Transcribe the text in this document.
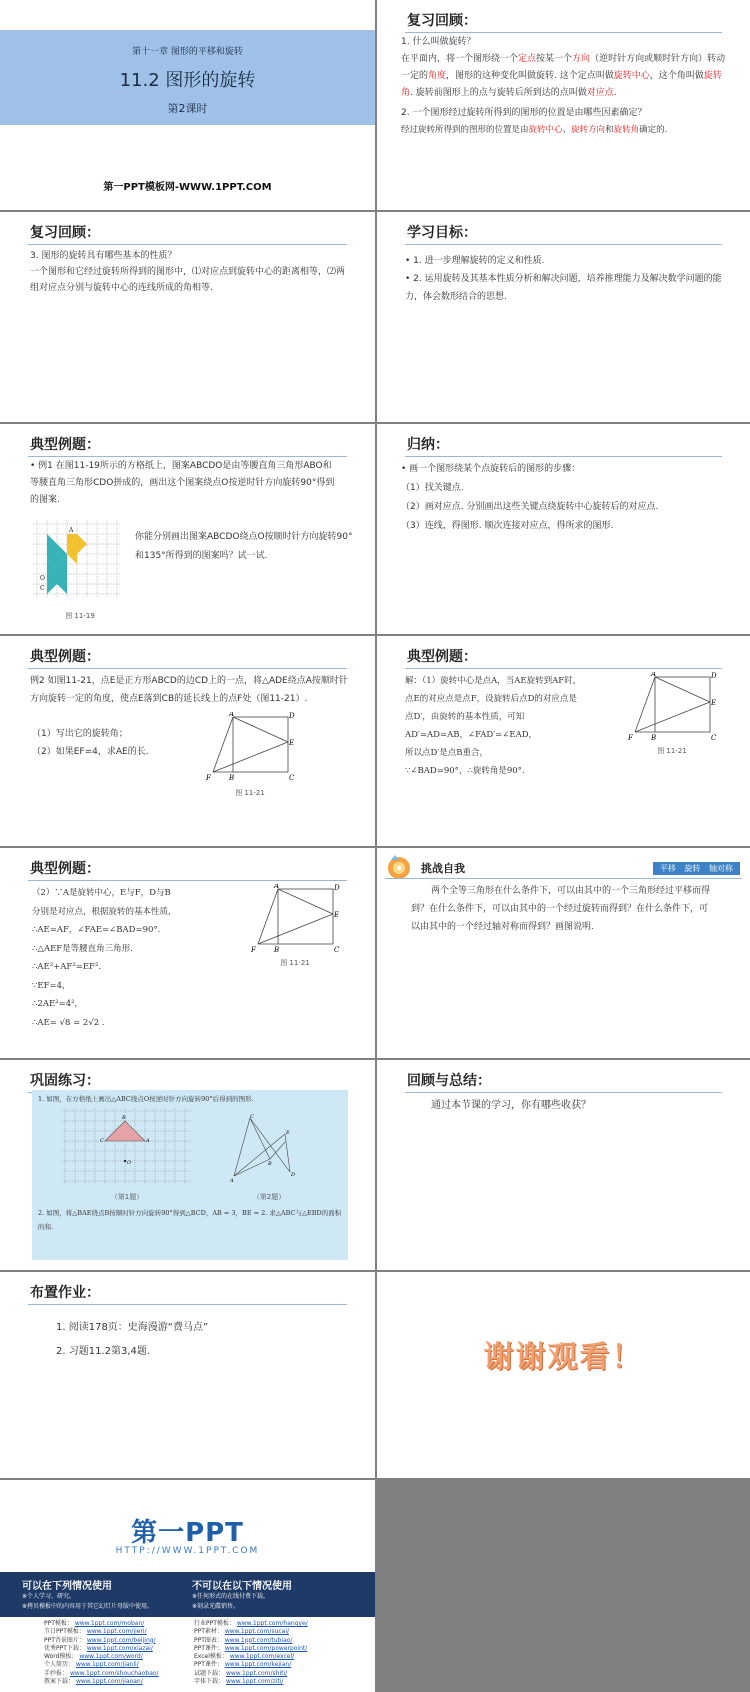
第十一章 图形的平移和旋转
11.2 图形的旋转
第2课时
第一PPT模板网-WWW.1PPT.COM
复习回顾：
1. 什么叫做旋转？
在平面内，将一个图形绕一个定点按某一个方向（逆时针方向或顺时针方向）转动一定的角度，图形的这种变化叫做旋转. 这个定点叫做旋转中心，这个角叫做旋转角. 旋转前图形上的点与旋转后所到达的点叫做对应点.
2. 一个图形经过旋转所得到的图形的位置是由哪些因素确定？
经过旋转所得到的图形的位置是由旋转中心、旋转方向和旋转角确定的.
复习回顾：
3. 图形的旋转具有哪些基本的性质？
一个图形和它经过旋转所得到的图形中，⑴对应点到旋转中心的距离相等，⑵两组对应点分别与旋转中心的连线所成的角相等.
学习目标：
• 1. 进一步理解旋转的定义和性质.
• 2. 运用旋转及其基本性质分析和解决问题，培养推理能力及解决数学问题的能力，体会数形结合的思想.
典型例题：
• 例1 在图11-19所示的方格纸上，图案ABCDO是由等腰直角三角形ABO和等腰直角三角形CDO拼成的，画出这个图案绕点O按逆时针方向旋转90°得到的图案.
O
C
A
图 11-19
你能分别画出图案ABCDO绕点O按顺时针方向旋转90°和135°所得到的图案吗？试一试.
归纳：
• 画一个图形绕某个点旋转后的图形的步骤：
（1）找关键点.
（2）画对应点. 分别画出这些关键点绕旋转中心旋转后的对应点.
（3）连线，得图形. 顺次连接对应点，得所求的图形.
典型例题：
例2 如图11-21，点E是正方形ABCD的边CD上的一点，将△ADE绕点A按顺时针方向旋转一定的角度，使点E落到CB的延长线上的点F处（图11-21）.
（1）写出它的旋转角；
（2）如果EF=4，求AE的长.
A	D
E
C
B
F
图 11-21
典型例题：
解：（1）旋转中心是点A，当AE旋转到AF时，
点E的对应点是点F，设旋转后点D的对应点是
点D′，由旋转的基本性质，可知
AD′=AD=AB，∠FAD′=∠EAD，
所以点D′是点B重合，
∵∠BAD=90°，∴旋转角是90°.
A	D
E
C
B
F
图 11-21
典型例题：
（2）∵A是旋转中心，E与F，D与B
分别是对应点，根据旋转的基本性质，
∴AE=AF，∠FAE=∠BAD=90°.
∴△AEF是等腰直角三角形.
∴AE²+AF²=EF².
∵EF=4，
∴2AE²=4²，
∴AE= √8 = 2√2 .
A	D
E
C
B
F
图 11-21
挑战自我	平移 旋转 轴对称
两个全等三角形在什么条件下，可以由其中的一个三角形经过平移而得到？在什么条件下，可以由其中的一个经过旋转而得到？在什么条件下，可以由其中的一个经过轴对称而得到？画图说明.
巩固练习：
1. 如图，在方格纸上画出△ABC绕点O按逆时针方向旋转90°后得到的图形.
B
C	A
O
（第1题）
C
E
A
D
B
（第2题）
2. 如图，将△BAE绕点B按顺时针方向旋转90°得到△BCD，AB = 3，BE = 2. 求△ABC与△EBD的面积的和.
回顾与总结：
通过本节课的学习，你有哪些收获？
布置作业：
1. 阅读178页：史海漫游“费马点”
2. 习题11.2第3,4题.	谢谢观看！
第一PPT
HTTP://WWW.1PPT.COM
可以在下列情况使用
※个人学习、研究。
※拷贝模板中的内容用于其它幻灯片母版中使用。
不可以在以下情况使用
※任何形式的在线付费下载。
※刻录光碟销售。
PPT模板： www.1ppt.com/moban/
节日PPT模板： www.1ppt.com/jieri/
PPT背景图片： www.1ppt.com/beijing/
优秀PPT下载： www.1ppt.com/xiazai/
Word模板： www.1ppt.com/word/
个人简历： www.1ppt.com/jianli/
手抄报： www.1ppt.com/shouchaobao/
教案下载： www.1ppt.com/jiaoan/
行业PPT模板： www.1ppt.com/hangye/
PPT素材： www.1ppt.com/sucai/
PPT图表： www.1ppt.com/tubiao/
PPT课件： www.1ppt.com/powerpoint/
Excel模板： www.1ppt.com/excel/
PPT课件： www.1ppt.com/kejian/
试题下载： www.1ppt.com/shiti/
字体下载： www.1ppt.com/ziti/
